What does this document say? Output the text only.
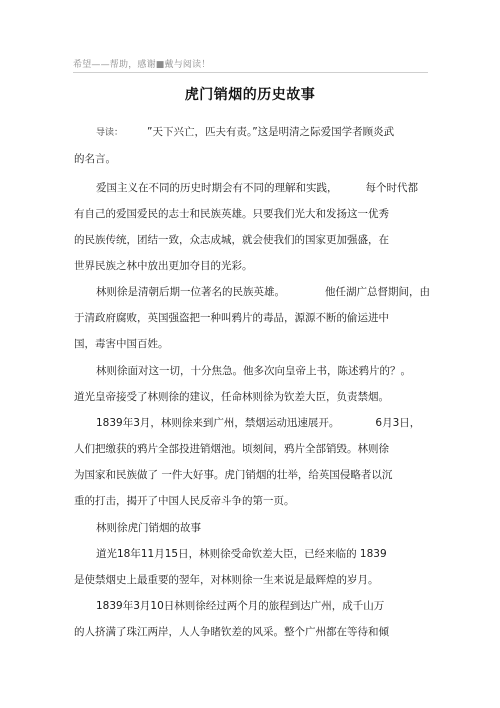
希望——帮助，感谢■戴与阅读！
虎门销烟的历史故事
导读： ”天下兴亡，匹夫有责。”这是明清之际爱国学者顾炎武
的名言。
爱国主义在不同的历史时期会有不同的理解和实践，	每个时代都
有自己的爱国爱民的志士和民族英雄。只要我们光大和发扬这一优秀
的民族传统，团结一致，众志成城，就会使我们的国家更加强盛，在
世界民族之林中放出更加夺目的光彩。
林则徐是清朝后期一位著名的民族英雄。	他任湖广总督期间，由
于清政府腐败，英国强盗把一种叫鸦片的毒品，源源不断的偷运进中
国，毒害中国百姓。
林则徐面对这一切，十分焦急。他多次向皇帝上书，陈述鸦片的？。
道光皇帝接受了林则徐的建议，任命林则徐为钦差大臣，负责禁烟。
1839年3月，林则徐来到广州，禁烟运动迅速展开。	6月3日，
人们把缴获的鸦片全部投进销烟池。顷刻间，鸦片全部销毁。林则徐
为国家和民族做了 一件大好事。虎门销烟的壮举，给英国侵略者以沉
重的打击，揭开了中国人民反帝斗争的第一页。
林则徐虎门销烟的故事
道光18年11月15日，林则徐受命钦差大臣，已经来临的 1839
是使禁烟史上最重要的翌年，对林则徐一生来说是最辉煌的岁月。
1839年3月10日林则徐经过两个月的旅程到达广州，成千山万
的人挤满了珠江两岸，人人争睹钦差的风采。整个广州都在等待和倾
